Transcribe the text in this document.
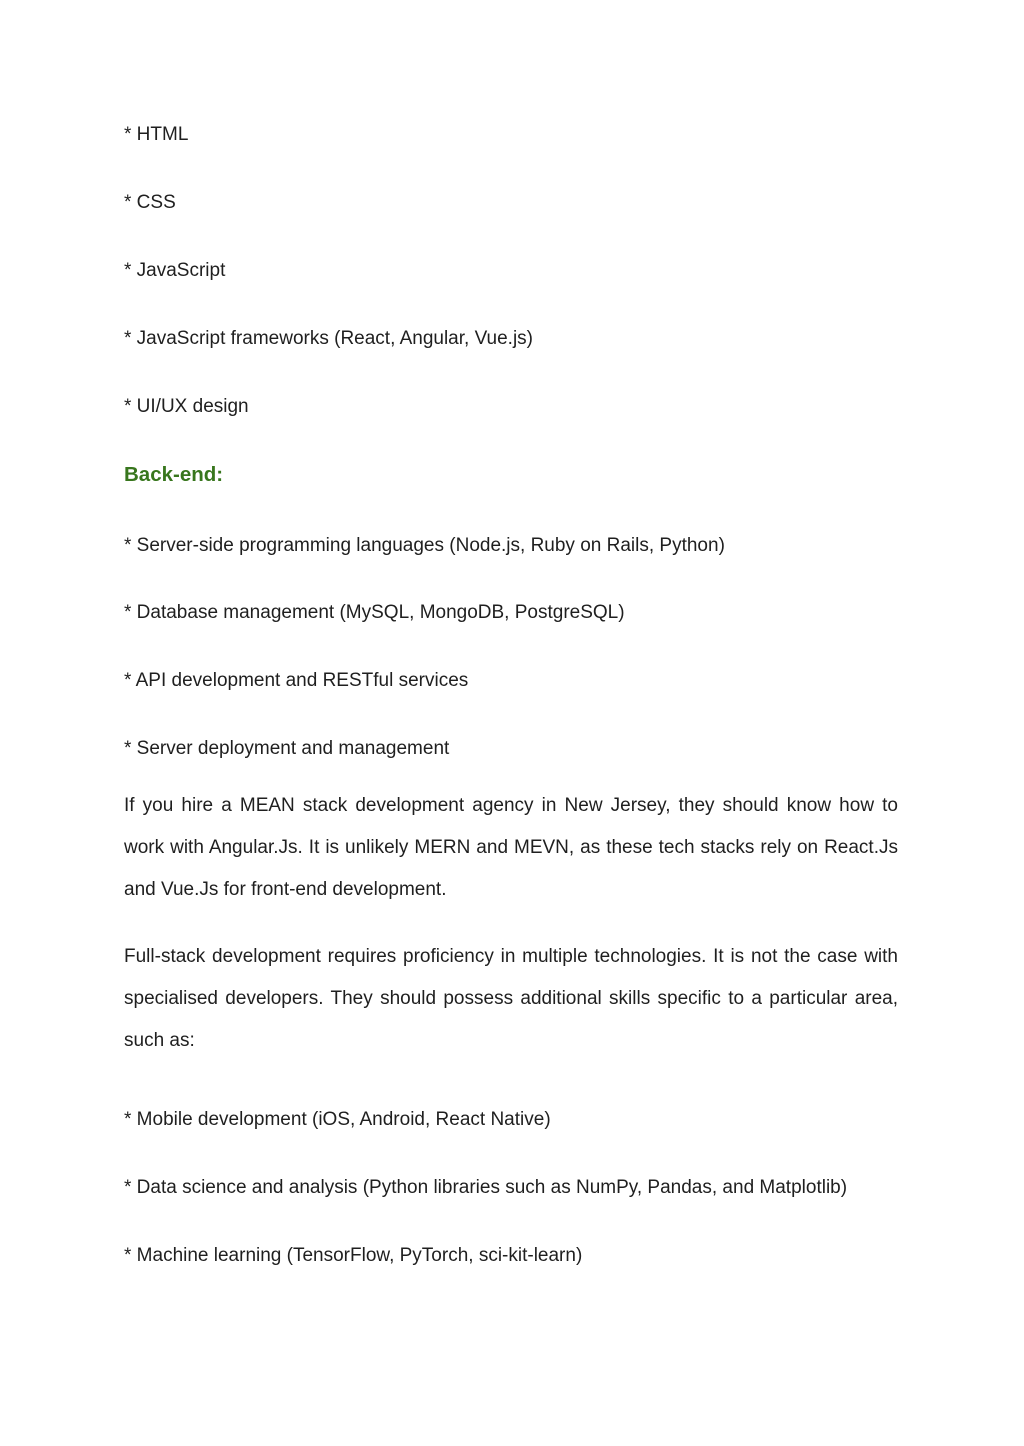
* HTML
* CSS
* JavaScript
* JavaScript frameworks (React, Angular, Vue.js)
* UI/UX design
Back-end:
* Server-side programming languages (Node.js, Ruby on Rails, Python)
* Database management (MySQL, MongoDB, PostgreSQL)
* API development and RESTful services
* Server deployment and management

If you hire a MEAN stack development agency in New Jersey, they should know how to work with Angular.Js. It is unlikely MERN and MEVN, as these tech stacks rely on React.Js and Vue.Js for front-end development.

Full-stack development requires proficiency in multiple technologies. It is not the case with specialised developers. They should possess additional skills specific to a particular area, such as:

* Mobile development (iOS, Android, React Native)
* Data science and analysis (Python libraries such as NumPy, Pandas, and Matplotlib)
* Machine learning (TensorFlow, PyTorch, sci-kit-learn)
